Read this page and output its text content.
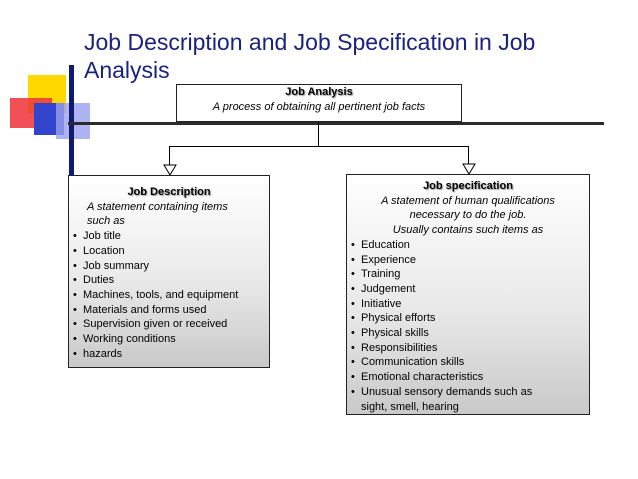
Job Description and Job Specification in Job Analysis
Job Analysis
A process of obtaining all pertinent job facts
Job Description
A statement containing items
such as
• Job title
• Location
• Job summary
• Duties
• Machines, tools, and equipment
• Materials and forms used
• Supervision given or received
• Working conditions
• hazards
Job specification
A statement of human qualifications
necessary to do the job.
Usually contains such items as
• Education
• Experience
• Training
• Judgement
• Initiative
• Physical efforts
• Physical skills
• Responsibilities
• Communication skills
• Emotional characteristics
• Unusual sensory demands such as
sight, smell, hearing
